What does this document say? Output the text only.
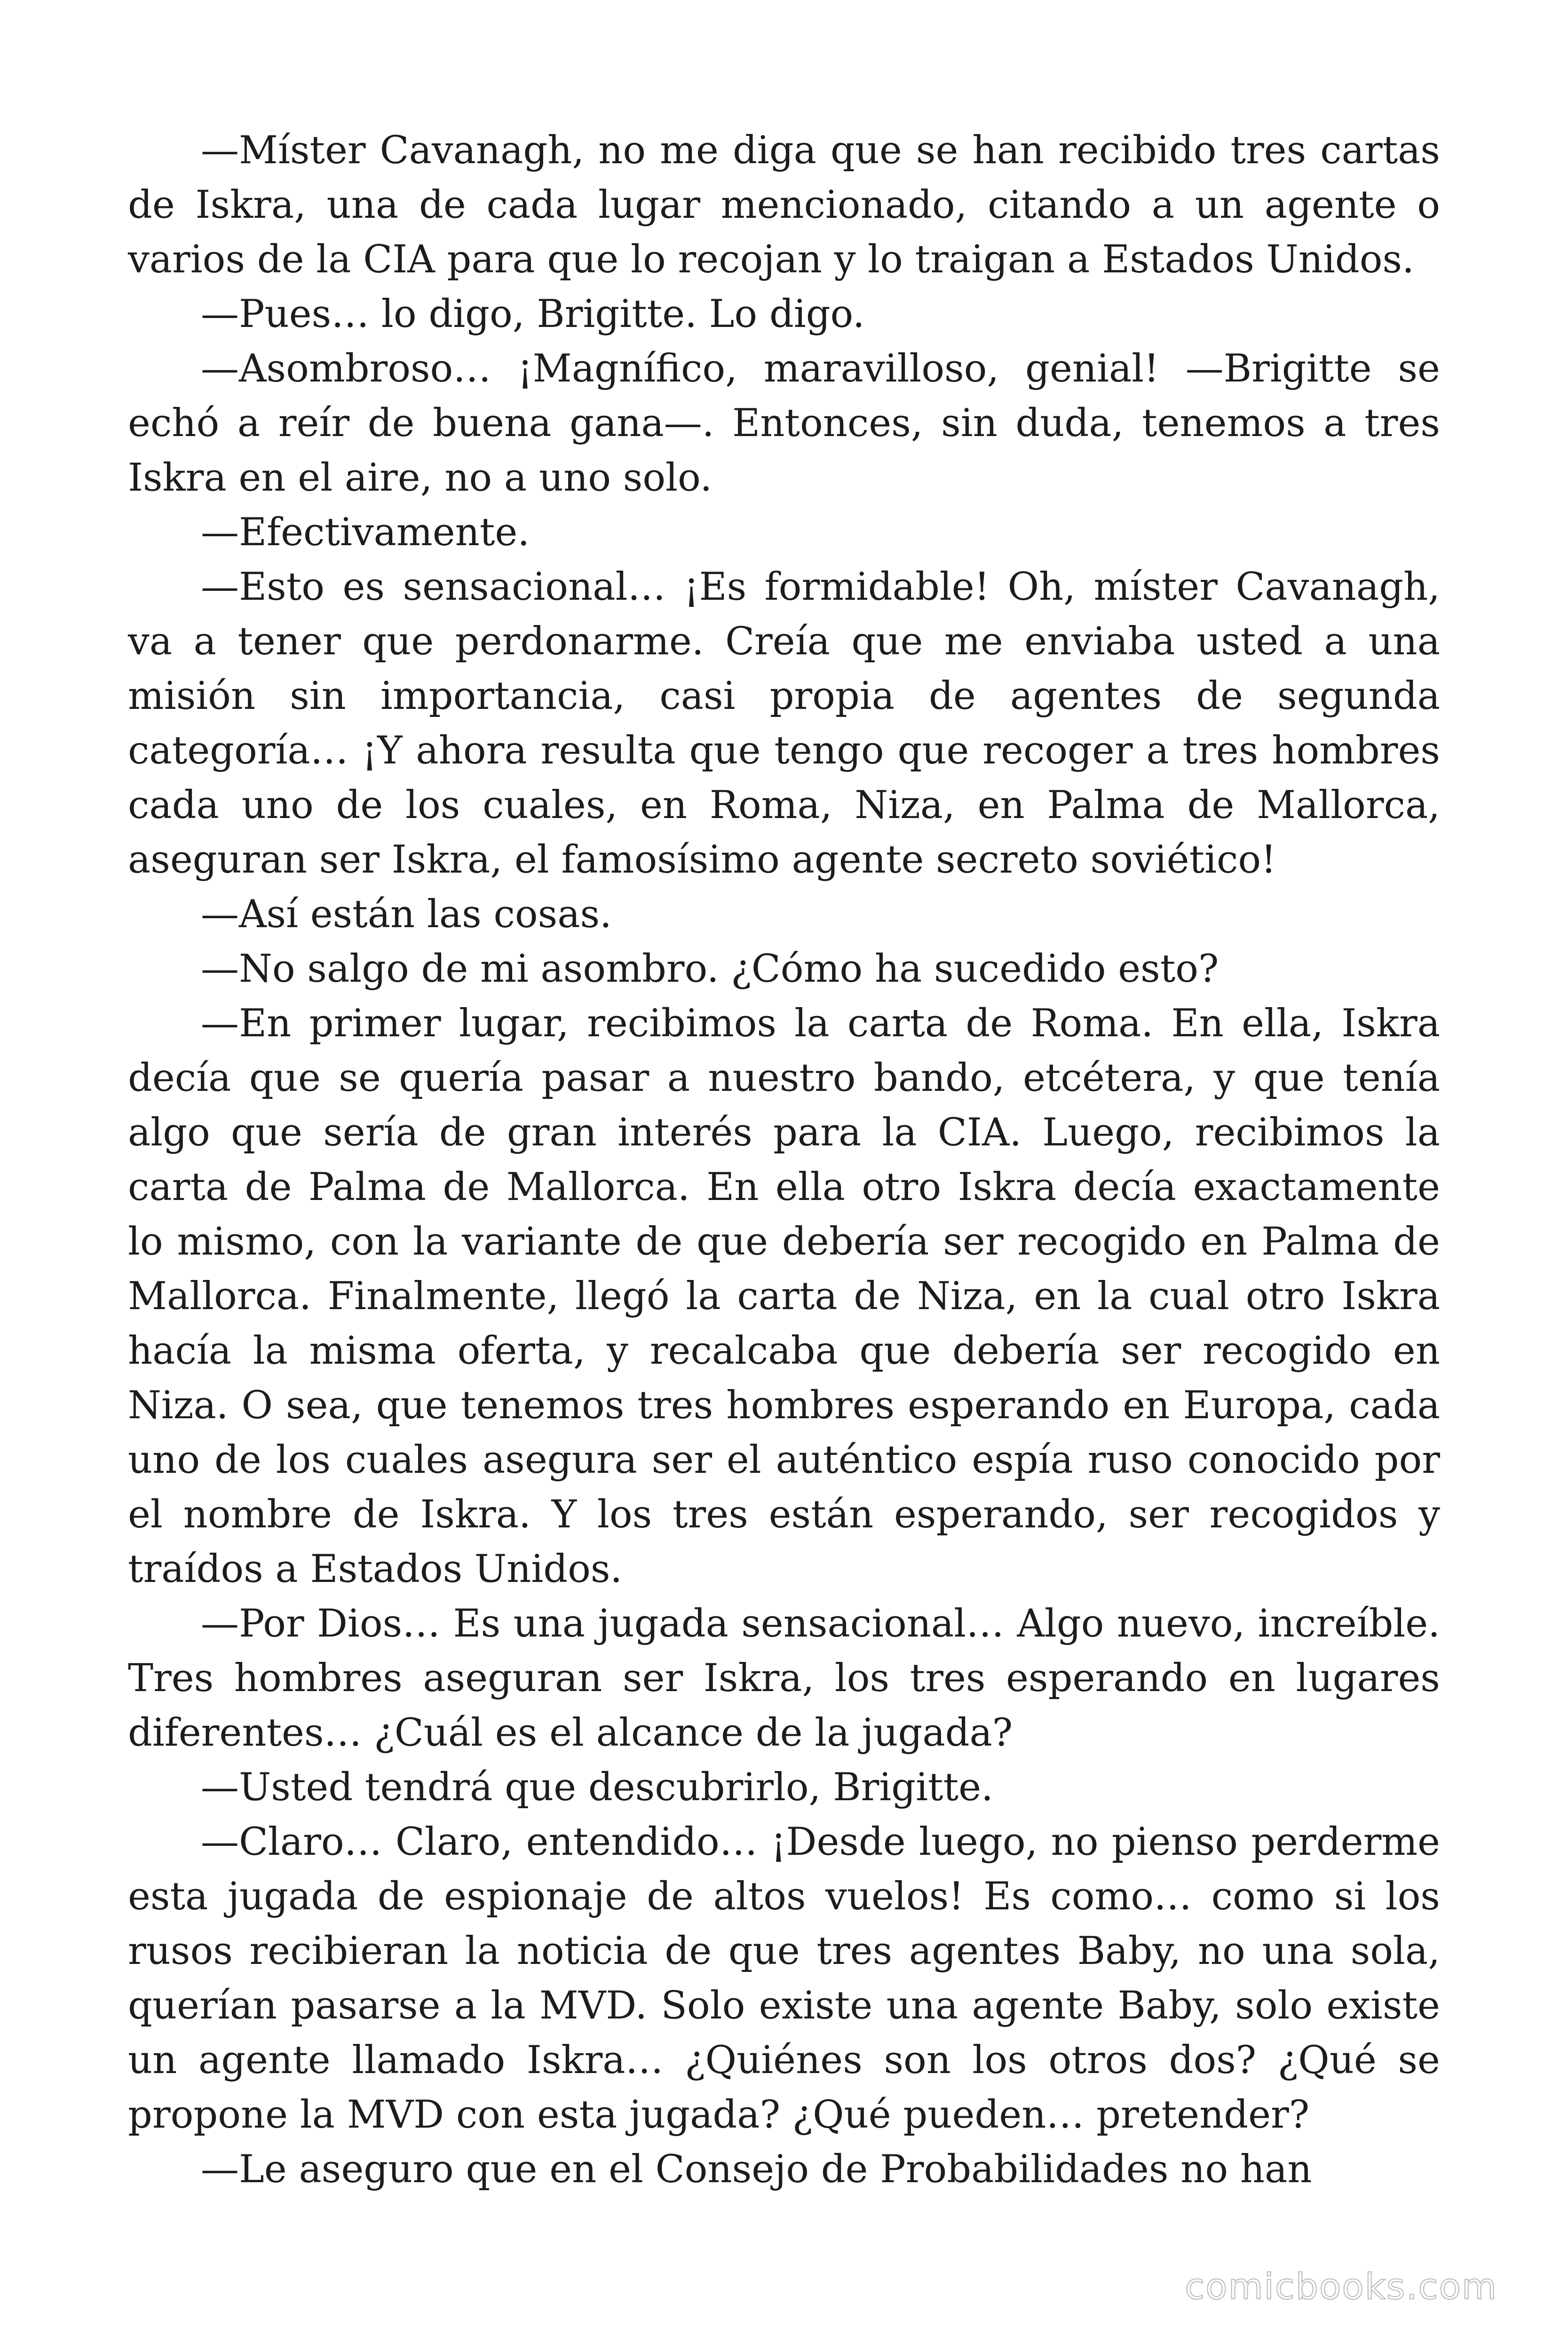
—Míster Cavanagh, no me diga que se han recibido tres cartas de Iskra, una de cada lugar mencionado, citando a un agente o varios de la CIA para que lo recojan y lo traigan a Estados Unidos.

—Pues… lo digo, Brigitte. Lo digo.

—Asombroso… ¡Magnífico, maravilloso, genial! —Brigitte se echó a reír de buena gana—. Entonces, sin duda, tenemos a tres Iskra en el aire, no a uno solo.

—Efectivamente.

—Esto es sensacional… ¡Es formidable! Oh, míster Cavanagh, va a tener que perdonarme. Creía que me enviaba usted a una misión sin importancia, casi propia de agentes de segunda categoría… ¡Y ahora resulta que tengo que recoger a tres hombres cada uno de los cuales, en Roma, Niza, en Palma de Mallorca, aseguran ser Iskra, el famosísimo agente secreto soviético!

—Así están las cosas.

—No salgo de mi asombro. ¿Cómo ha sucedido esto?

—En primer lugar, recibimos la carta de Roma. En ella, Iskra decía que se quería pasar a nuestro bando, etcétera, y que tenía algo que sería de gran interés para la CIA. Luego, recibimos la carta de Palma de Mallorca. En ella otro Iskra decía exactamente lo mismo, con la variante de que debería ser recogido en Palma de Mallorca. Finalmente, llegó la carta de Niza, en la cual otro Iskra hacía la misma oferta, y recalcaba que debería ser recogido en Niza. O sea, que tenemos tres hombres esperando en Europa, cada uno de los cuales asegura ser el auténtico espía ruso conocido por el nombre de Iskra. Y los tres están esperando, ser recogidos y traídos a Estados Unidos.

—Por Dios… Es una jugada sensacional… Algo nuevo, increíble. Tres hombres aseguran ser Iskra, los tres esperando en lugares diferentes… ¿Cuál es el alcance de la jugada?

—Usted tendrá que descubrirlo, Brigitte.

—Claro… Claro, entendido… ¡Desde luego, no pienso perderme esta jugada de espionaje de altos vuelos! Es como… como si los rusos recibieran la noticia de que tres agentes Baby, no una sola, querían pasarse a la MVD. Solo existe una agente Baby, solo existe un agente llamado Iskra… ¿Quiénes son los otros dos? ¿Qué se propone la MVD con esta jugada? ¿Qué pueden… pretender?

—Le aseguro que en el Consejo de Probabilidades no han

comicbooks.com
